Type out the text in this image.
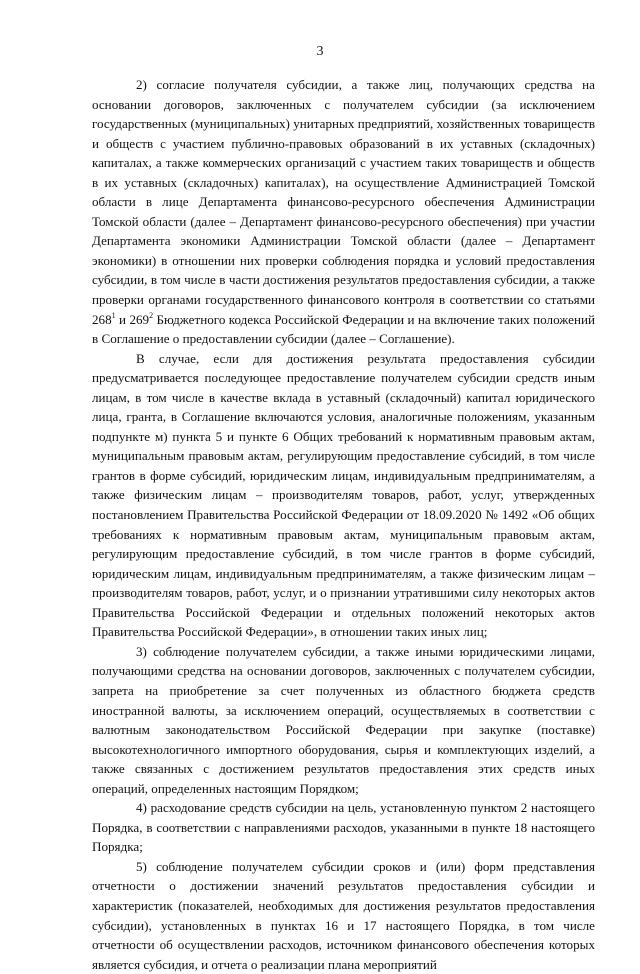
3

2) согласие получателя субсидии, а также лиц, получающих средства на основании договоров, заключенных с получателем субсидии (за исключением государственных (муниципальных) унитарных предприятий, хозяйственных товариществ и обществ с участием публично-правовых образований в их уставных (складочных) капиталах, а также коммерческих организаций с участием таких товариществ и обществ в их уставных (складочных) капиталах), на осуществление Администрацией Томской области в лице Департамента финансово-ресурсного обеспечения Администрации Томской области (далее – Департамент финансово-ресурсного обеспечения) при участии Департамента экономики Администрации Томской области (далее – Департамент экономики) в отношении них проверки соблюдения порядка и условий предоставления субсидии, в том числе в части достижения результатов предоставления субсидии, а также проверки органами государственного финансового контроля в соответствии со статьями $268^1$ и $269^2$ Бюджетного кодекса Российской Федерации и на включение таких положений в Соглашение о предоставлении субсидии (далее – Соглашение).

В случае, если для достижения результата предоставления субсидии предусматривается последующее предоставление получателем субсидии средств иным лицам, в том числе в качестве вклада в уставный (складочный) капитал юридического лица, гранта, в Соглашение включаются условия, аналогичные положениям, указанным подпункте м) пункта 5 и пункте 6 Общих требований к нормативным правовым актам, муниципальным правовым актам, регулирующим предоставление субсидий, в том числе грантов в форме субсидий, юридическим лицам, индивидуальным предпринимателям, а также физическим лицам – производителям товаров, работ, услуг, утвержденных постановлением Правительства Российской Федерации от 18.09.2020 № 1492 «Об общих требованиях к нормативным правовым актам, муниципальным правовым актам, регулирующим предоставление субсидий, в том числе грантов в форме субсидий, юридическим лицам, индивидуальным предпринимателям, а также физическим лицам – производителям товаров, работ, услуг, и о признании утратившими силу некоторых актов Правительства Российской Федерации и отдельных положений некоторых актов Правительства Российской Федерации», в отношении таких иных лиц;

3) соблюдение получателем субсидии, а также иными юридическими лицами, получающими средства на основании договоров, заключенных с получателем субсидии, запрета на приобретение за счет полученных из областного бюджета средств иностранной валюты, за исключением операций, осуществляемых в соответствии с валютным законодательством Российской Федерации при закупке (поставке) высокотехнологичного импортного оборудования, сырья и комплектующих изделий, а также связанных с достижением результатов предоставления этих средств иных операций, определенных настоящим Порядком;

4) расходование средств субсидии на цель, установленную пунктом 2 настоящего Порядка, в соответствии с направлениями расходов, указанными в пункте 18 настоящего Порядка;

5) соблюдение получателем субсидии сроков и (или) форм представления отчетности о достижении значений результатов предоставления субсидии и характеристик (показателей, необходимых для достижения результатов предоставления субсидии), установленных в пунктах 16 и 17 настоящего Порядка, в том числе отчетности об осуществлении расходов, источником финансового обеспечения которых является субсидия, и отчета о реализации плана мероприятий
